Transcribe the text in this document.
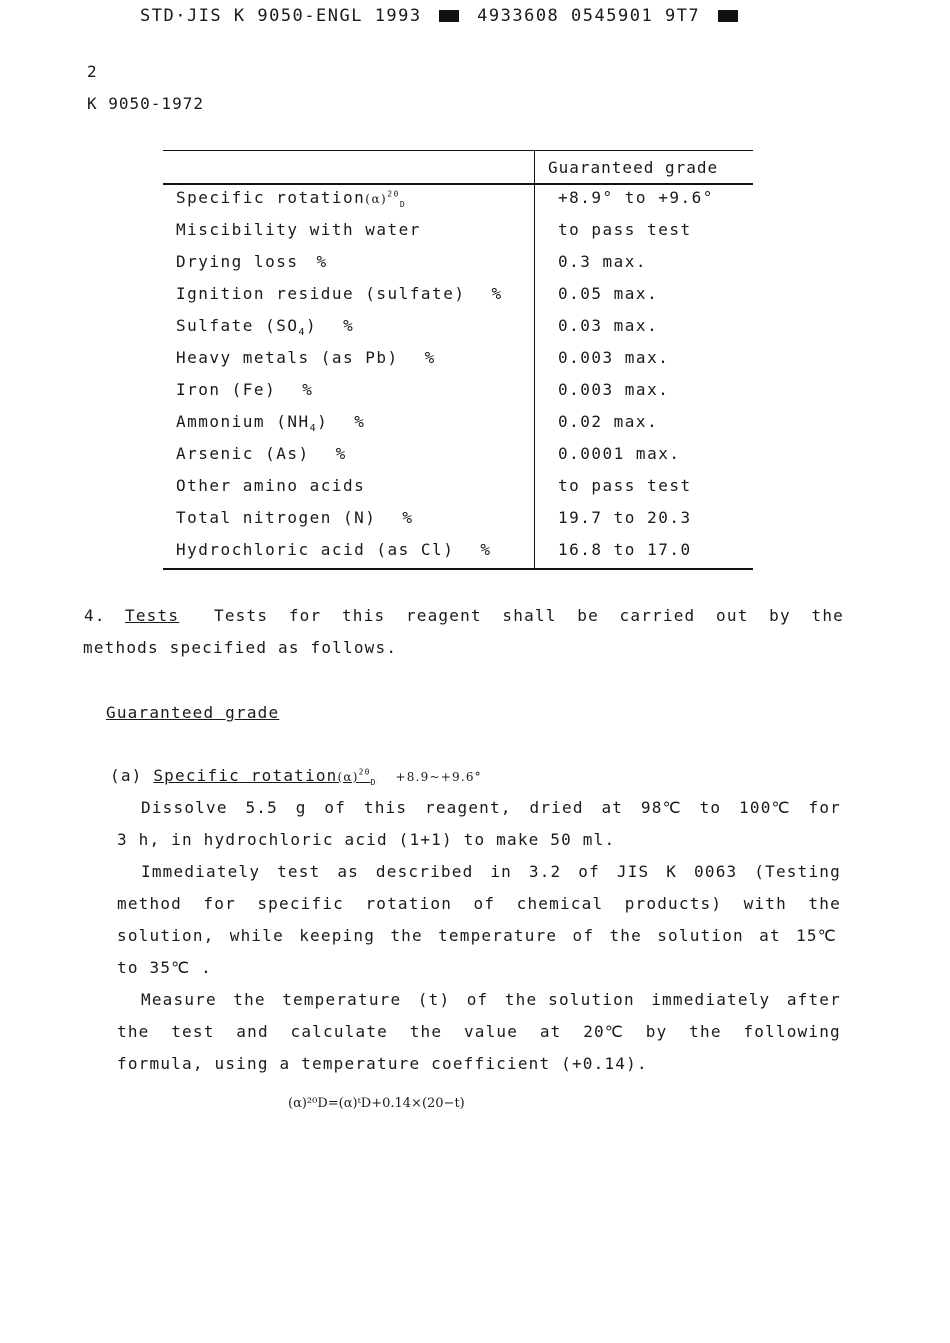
STD·JIS K 9050-ENGL 1993	4933608 0545901 9T7
2
K 9050-1972
Guaranteed grade
Specific $rotation(\alpha)^{20}_D$	+8.9° to +9.6°
Miscibility with water	to pass test
Drying loss %	0.3 max.
Ignition residue (sulfate) %	0.05 max.
Sulfate $(SO_4)$ %	0.03 max.
Heavy metals (as Pb) %	0.003 max.
Iron (Fe) %	0.003 max.
Ammonium $(NH_4)$ %	0.02 max.
Arsenic (As) %	0.0001 max.
Other amino acids	to pass test
Total nitrogen (N) %	19.7 to 20.3
Hydrochloric acid (as Cl) %	16.8 to 17.0
4. Tests Tests for this reagent shall be carried out by the
methods specified as follows.
Guaranteed grade
(a) Specific $rotation(\alpha)^{20}_D$ +8.9~+9.6°
Dissolve 5.5 g of this reagent, dried at 98℃ to 100℃ for
3 h, in hydrochloric acid (1+1) to make 50 ml.
Immediately test as described in 3.2 of JIS K 0063 (Testing
method for specific rotation of chemical products) with the
solution, while keeping the temperature of the solution at 15℃
to 35℃ .
Measure the temperature (t) of the solution immediately after
the test and calculate the value at 20℃ by the following
formula, using a temperature coefficient (+0.14).
(α)²⁰D=(α)ᵗD+0.14×(20−t)
